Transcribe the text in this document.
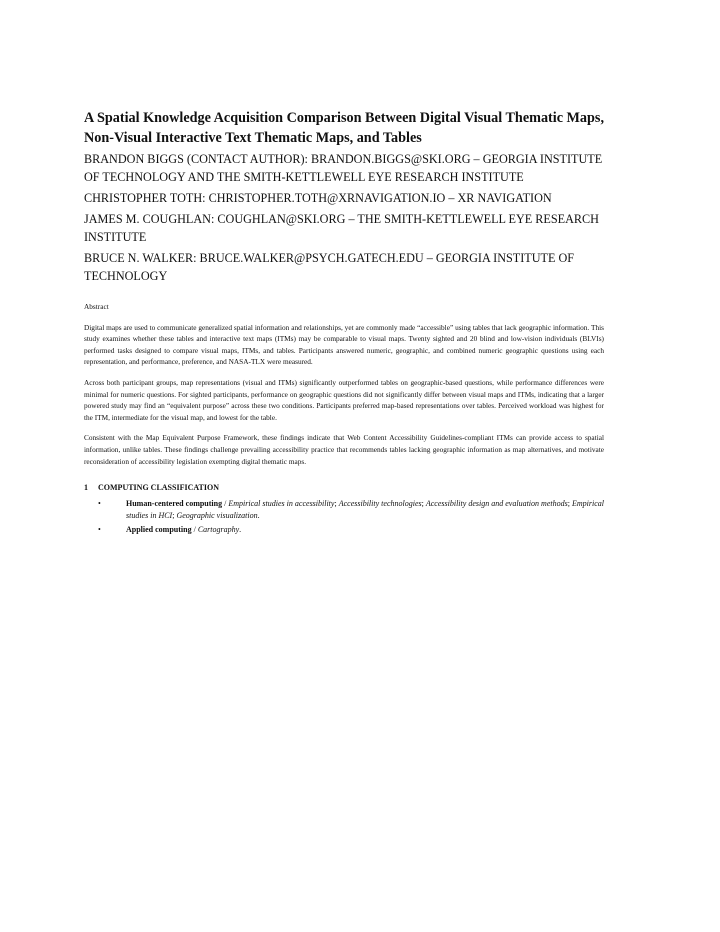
A Spatial Knowledge Acquisition Comparison Between Digital Visual Thematic Maps, Non-Visual Interactive Text Thematic Maps, and Tables

BRANDON BIGGS (CONTACT AUTHOR): BRANDON.BIGGS@SKI.ORG – GEORGIA INSTITUTE OF TECHNOLOGY AND THE SMITH-KETTLEWELL EYE RESEARCH INSTITUTE

CHRISTOPHER TOTH: CHRISTOPHER.TOTH@XRNAVIGATION.IO – XR NAVIGATION

JAMES M. COUGHLAN: COUGHLAN@SKI.ORG – THE SMITH-KETTLEWELL EYE RESEARCH INSTITUTE

BRUCE N. WALKER: BRUCE.WALKER@PSYCH.GATECH.EDU – GEORGIA INSTITUTE OF TECHNOLOGY

Abstract

Digital maps are used to communicate generalized spatial information and relationships, yet are commonly made “accessible” using tables that lack geographic information. This study examines whether these tables and interactive text maps (ITMs) may be comparable to visual maps. Twenty sighted and 20 blind and low-vision individuals (BLVIs) performed tasks designed to compare visual maps, ITMs, and tables. Participants answered numeric, geographic, and combined numeric geographic questions using each representation, and performance, preference, and NASA-TLX were measured.

Across both participant groups, map representations (visual and ITMs) significantly outperformed tables on geographic-based questions, while performance differences were minimal for numeric questions. For sighted participants, performance on geographic questions did not significantly differ between visual maps and ITMs, indicating that a larger powered study may find an “equivalent purpose” across these two conditions. Participants preferred map-based representations over tables. Perceived workload was highest for the ITM, intermediate for the visual map, and lowest for the table.

Consistent with the Map Equivalent Purpose Framework, these findings indicate that Web Content Accessibility Guidelines-compliant ITMs can provide access to spatial information, unlike tables. These findings challenge prevailing accessibility practice that recommends tables lacking geographic information as map alternatives, and motivate reconsideration of accessibility legislation exempting digital thematic maps.

1 COMPUTING CLASSIFICATION
•	Human-centered computing / Empirical studies in accessibility; Accessibility technologies; Accessibility design and evaluation methods; Empirical studies in HCI; Geographic visualization.
•	Applied computing / Cartography.
